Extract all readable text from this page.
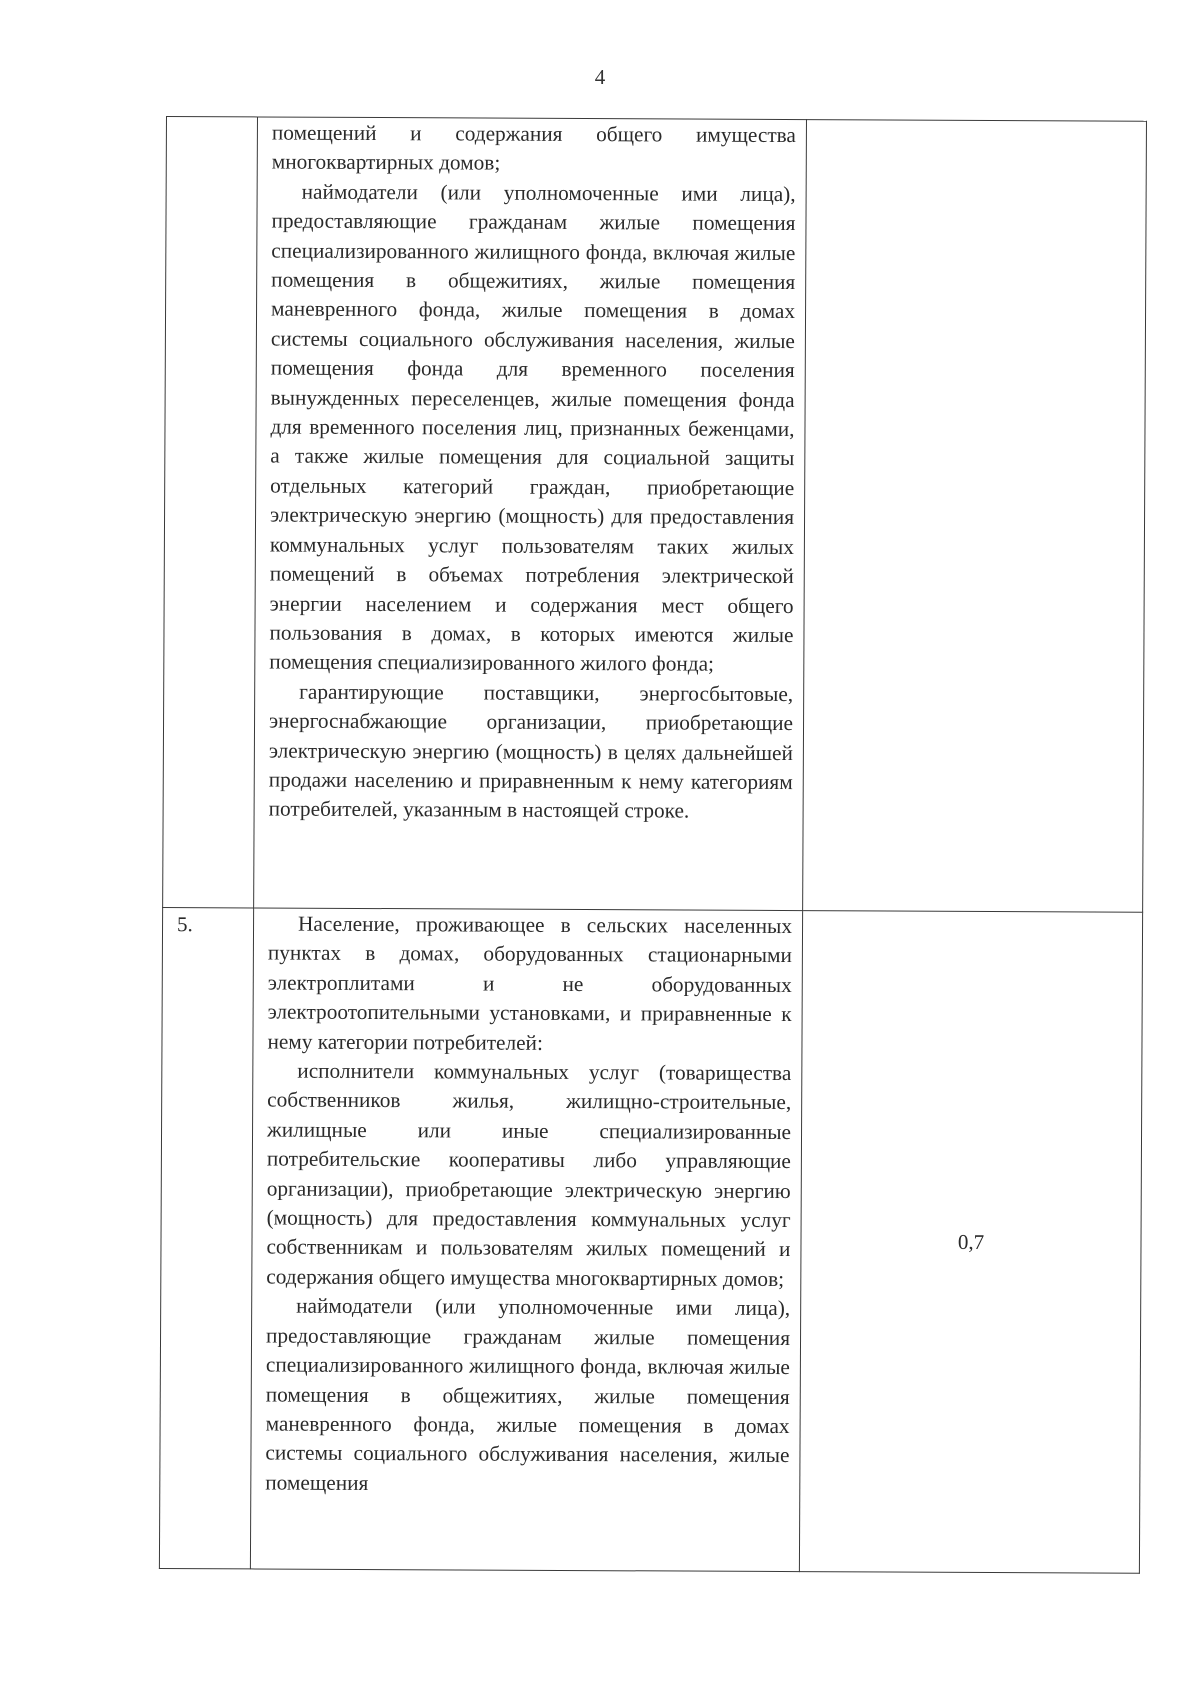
4

	помещений и содержания общего имущества многоквартирных домов;

наймодатели (или уполномоченные ими лица), предоставляющие гражданам жилые помещения специализированного жилищного фонда, включая жилые помещения в общежитиях, жилые помещения маневренного фонда, жилые помещения в домах системы социального обслуживания населения, жилые помещения фонда для временного поселения вынужденных переселенцев, жилые помещения фонда для временного поселения лиц, признанных беженцами, а также жилые помещения для социальной защиты отдельных категорий граждан, приобретающие электрическую энергию (мощность) для предоставления коммунальных услуг пользователям таких жилых помещений в объемах потребления электрической энергии населением и содержания мест общего пользования в домах, в которых имеются жилые помещения специализированного жилого фонда;

гарантирующие поставщики, энергосбытовые, энергоснабжающие организации, приобретающие электрическую энергию (мощность) в целях дальнейшей продажи населению и приравненным к нему категориям потребителей, указанным в настоящей строке.	

5.	Население, проживающее в сельских населенных пунктах в домах, оборудованных стационарными электроплитами и не оборудованных электроотопительными установками, и приравненные к нему категории потребителей:

исполнители коммунальных услуг (товарищества собственников жилья, жилищно-строительные, жилищные или иные специализированные потребительские кооперативы либо управляющие организации), приобретающие электрическую энергию (мощность) для предоставления коммунальных услуг собственникам и пользователям жилых помещений и содержания общего имущества многоквартирных домов;

наймодатели (или уполномоченные ими лица), предоставляющие гражданам жилые помещения специализированного жилищного фонда, включая жилые помещения в общежитиях, жилые помещения маневренного фонда, жилые помещения в домах системы социального обслуживания населения, жилые помещения	0,7
